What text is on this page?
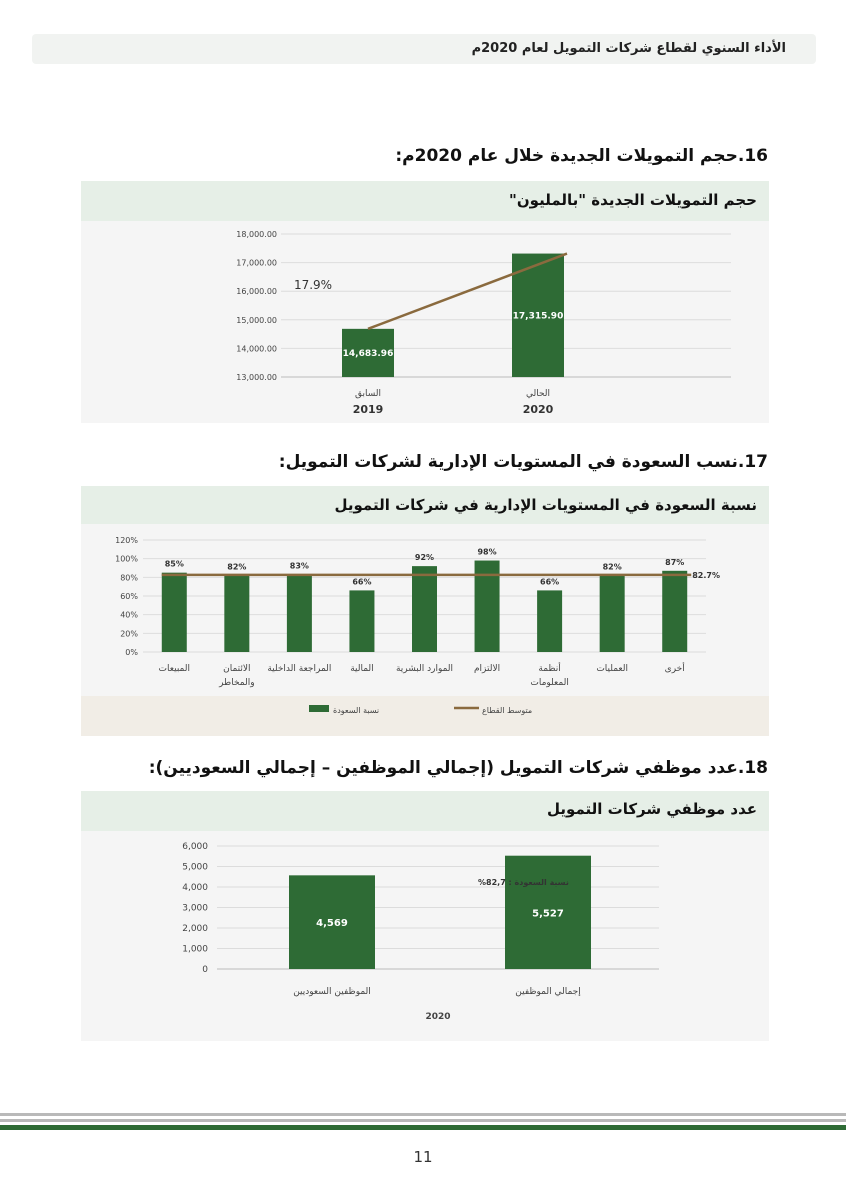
الأداء السنوي لقطاع شركات التمويل لعام 2020م
16.حجم التمويلات الجديدة خلال عام 2020م:
حجم التمويلات الجديدة "بالمليون"
13,000.00
14,000.00
15,000.00
16,000.00
17,000.00
18,000.00
14,683.96
السابق
2019
17,315.90
الحالي
2020
17.9%
17.نسب السعودة في المستويات الإدارية لشركات التمويل:
نسبة السعودة في المستويات الإدارية في شركات التمويل
0%
20%
40%
60%
80%
100%
120%
85%
المبيعات
82%
الائتمان
والمخاطر
83%
المراجعة الداخلية
66%
المالية
92%
الموارد البشرية
98%
الالتزام
66%
أنظمة
المعلومات
82%
العمليات
87%
أخرى
82.7%
نسبة السعودة	متوسط القطاع
18.عدد موظفي شركات التمويل (إجمالي الموظفين – إجمالي السعوديين):
عدد موظفي شركات التمويل
0
1,000
2,000
3,000
4,000
5,000
6,000
4,569
الموظفين السعوديين
5,527
إجمالي الموظفين
2020
نسبة السعودة : 82,7%
11
